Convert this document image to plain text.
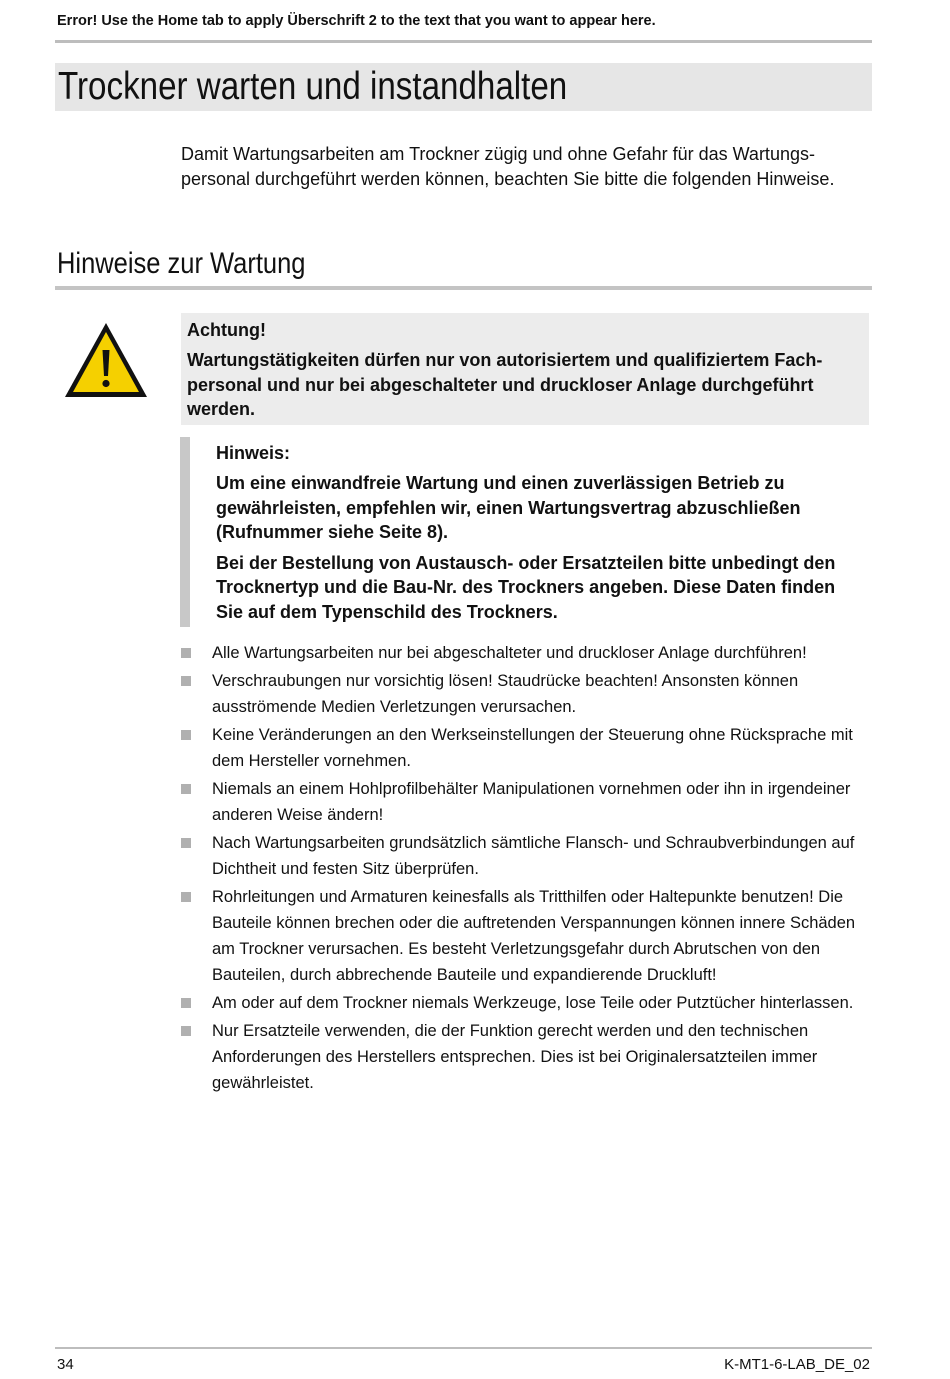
Error! Use the Home tab to apply Überschrift 2 to the text that you want to appear here.
Trockner warten und instandhalten

Damit Wartungsarbeiten am Trockner zügig und ohne Gefahr für das Wartungs-personal durchgeführt werden können, beachten Sie bitte die folgenden Hinweise.

Hinweise zur Wartung

Achtung!

Wartungstätigkeiten dürfen nur von autorisiertem und qualifiziertem Fach-personal und nur bei abgeschalteter und druckloser Anlage durchgeführt werden.

Hinweis:

Um eine einwandfreie Wartung und einen zuverlässigen Betrieb zu gewährleisten, empfehlen wir, einen Wartungsvertrag abzuschließen (Rufnummer siehe Seite 8).

Bei der Bestellung von Austausch- oder Ersatzteilen bitte unbedingt den Trocknertyp und die Bau-Nr. des Trockners angeben. Diese Daten finden Sie auf dem Typenschild des Trockners.

Alle Wartungsarbeiten nur bei abgeschalteter und druckloser Anlage durchführen!
Verschraubungen nur vorsichtig lösen! Staudrücke beachten! Ansonsten können ausströmende Medien Verletzungen verursachen.
Keine Veränderungen an den Werkseinstellungen der Steuerung ohne Rücksprache mit dem Hersteller vornehmen.
Niemals an einem Hohlprofilbehälter Manipulationen vornehmen oder ihn in irgendeiner anderen Weise ändern!
Nach Wartungsarbeiten grundsätzlich sämtliche Flansch- und Schraubverbindungen auf Dichtheit und festen Sitz überprüfen.
Rohrleitungen und Armaturen keinesfalls als Tritthilfen oder Haltepunkte benutzen! Die Bauteile können brechen oder die auftretenden Verspannungen können innere Schäden am Trockner verursachen. Es besteht Verletzungsgefahr durch Abrutschen von den Bauteilen, durch abbrechende Bauteile und expandierende Druckluft!
Am oder auf dem Trockner niemals Werkzeuge, lose Teile oder Putztücher hinterlassen.
Nur Ersatzteile verwenden, die der Funktion gerecht werden und den technischen Anforderungen des Herstellers entsprechen. Dies ist bei Originalersatzteilen immer gewährleistet.
34	K-MT1-6-LAB_DE_02
